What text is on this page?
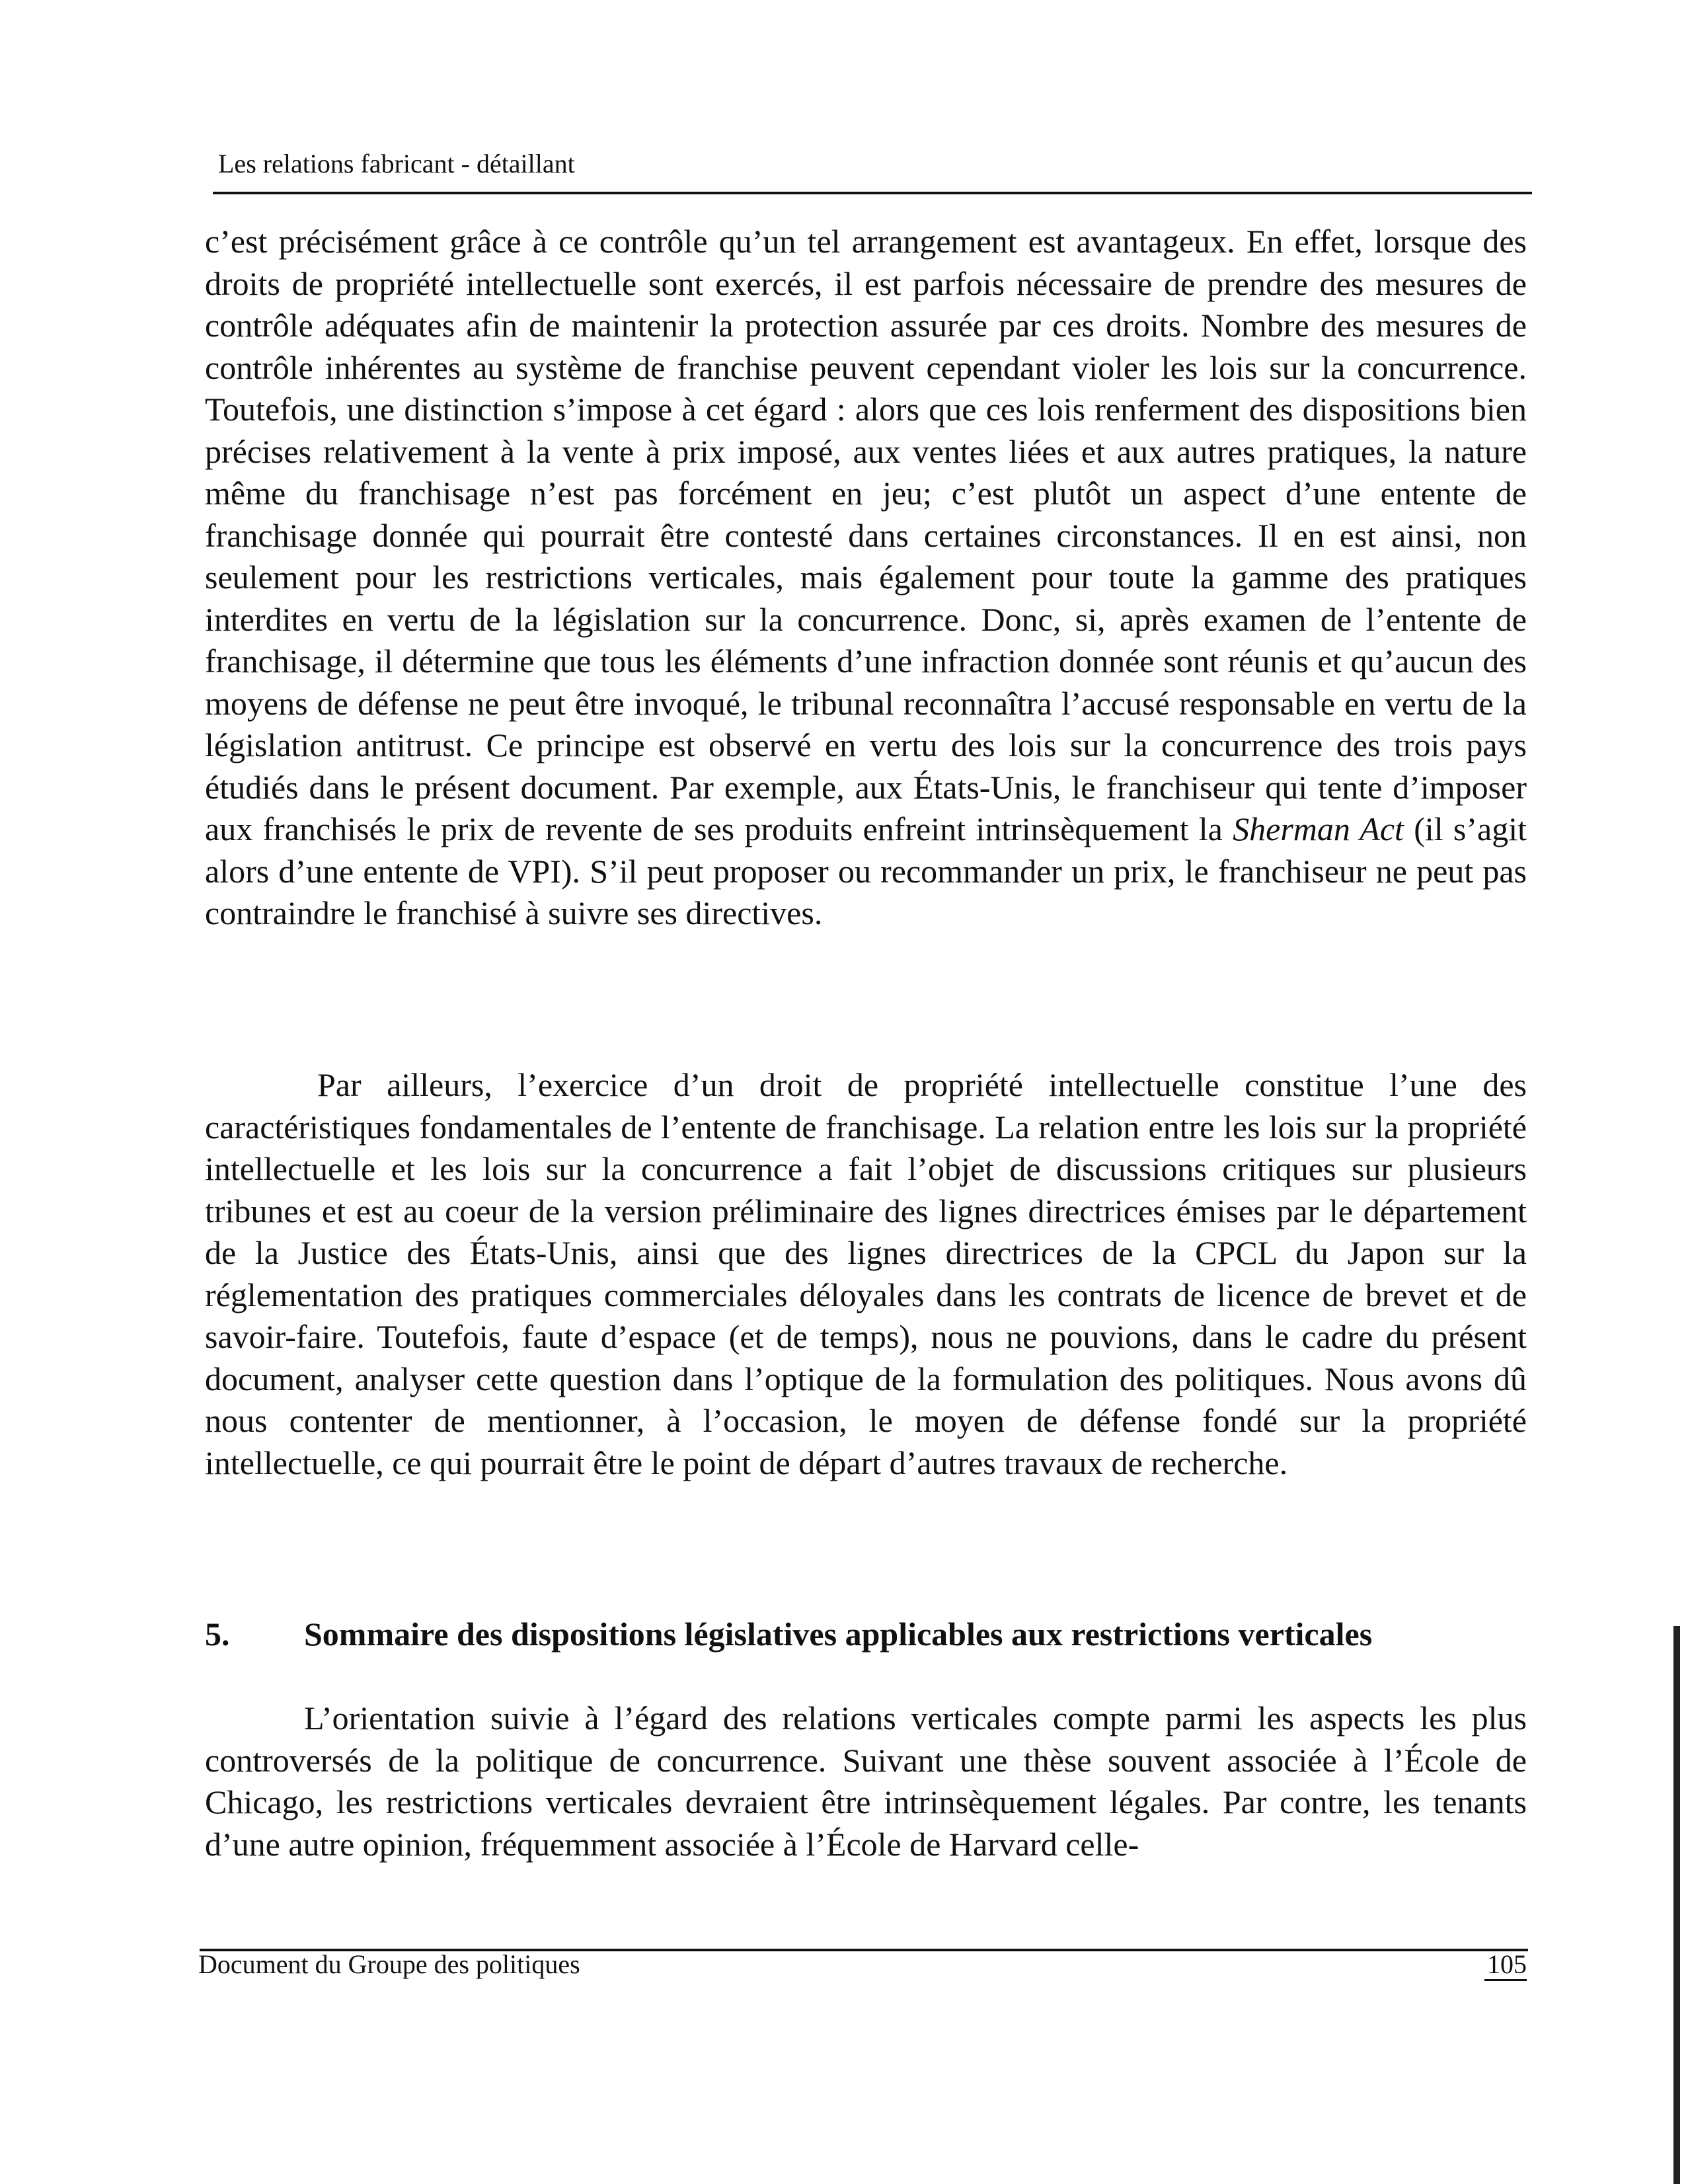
Les relations fabricant - détaillant

c’est précisément grâce à ce contrôle qu’un tel arrangement est avantageux. En effet, lorsque des droits de propriété intellectuelle sont exercés, il est parfois nécessaire de prendre des mesures de contrôle adéquates afin de maintenir la protection assurée par ces droits. Nombre des mesures de contrôle inhérentes au système de franchise peuvent cependant violer les lois sur la concurrence. Toutefois, une distinction s’impose à cet égard : alors que ces lois renferment des dispositions bien précises relativement à la vente à prix imposé, aux ventes liées et aux autres pratiques, la nature même du franchisage n’est pas forcément en jeu; c’est plutôt un aspect d’une entente de franchisage donnée qui pourrait être contesté dans certaines circonstances. Il en est ainsi, non seulement pour les restrictions verticales, mais également pour toute la gamme des pratiques interdites en vertu de la législation sur la concurrence. Donc, si, après examen de l’entente de franchisage, il détermine que tous les éléments d’une infraction donnée sont réunis et qu’aucun des moyens de défense ne peut être invoqué, le tribunal reconnaîtra l’accusé responsable en vertu de la législation antitrust. Ce principe est observé en vertu des lois sur la concurrence des trois pays étudiés dans le présent document. Par exemple, aux États-Unis, le franchiseur qui tente d’imposer aux franchisés le prix de revente de ses produits enfreint intrinsèquement la Sherman Act (il s’agit alors d’une entente de VPI). S’il peut proposer ou recommander un prix, le franchiseur ne peut pas contraindre le franchisé à suivre ses directives.

Par ailleurs, l’exercice d’un droit de propriété intellectuelle constitue l’une des caractéristiques fondamentales de l’entente de franchisage. La relation entre les lois sur la propriété intellectuelle et les lois sur la concurrence a fait l’objet de discussions critiques sur plusieurs tribunes et est au coeur de la version préliminaire des lignes directrices émises par le département de la Justice des États-Unis, ainsi que des lignes directrices de la CPCL du Japon sur la réglementation des pratiques commerciales déloyales dans les contrats de licence de brevet et de savoir-faire. Toutefois, faute d’espace (et de temps), nous ne pouvions, dans le cadre du présent document, analyser cette question dans l’optique de la formulation des politiques. Nous avons dû nous contenter de mentionner, à l’occasion, le moyen de défense fondé sur la propriété intellectuelle, ce qui pourrait être le point de départ d’autres travaux de recherche.

5. Sommaire des dispositions législatives applicables aux restrictions verticales

L’orientation suivie à l’égard des relations verticales compte parmi les aspects les plus controversés de la politique de concurrence. Suivant une thèse souvent associée à l’École de Chicago, les restrictions verticales devraient être intrinsèquement légales. Par contre, les tenants d’une autre opinion, fréquemment associée à l’École de Harvard celle-

Document du Groupe des politiques	105
